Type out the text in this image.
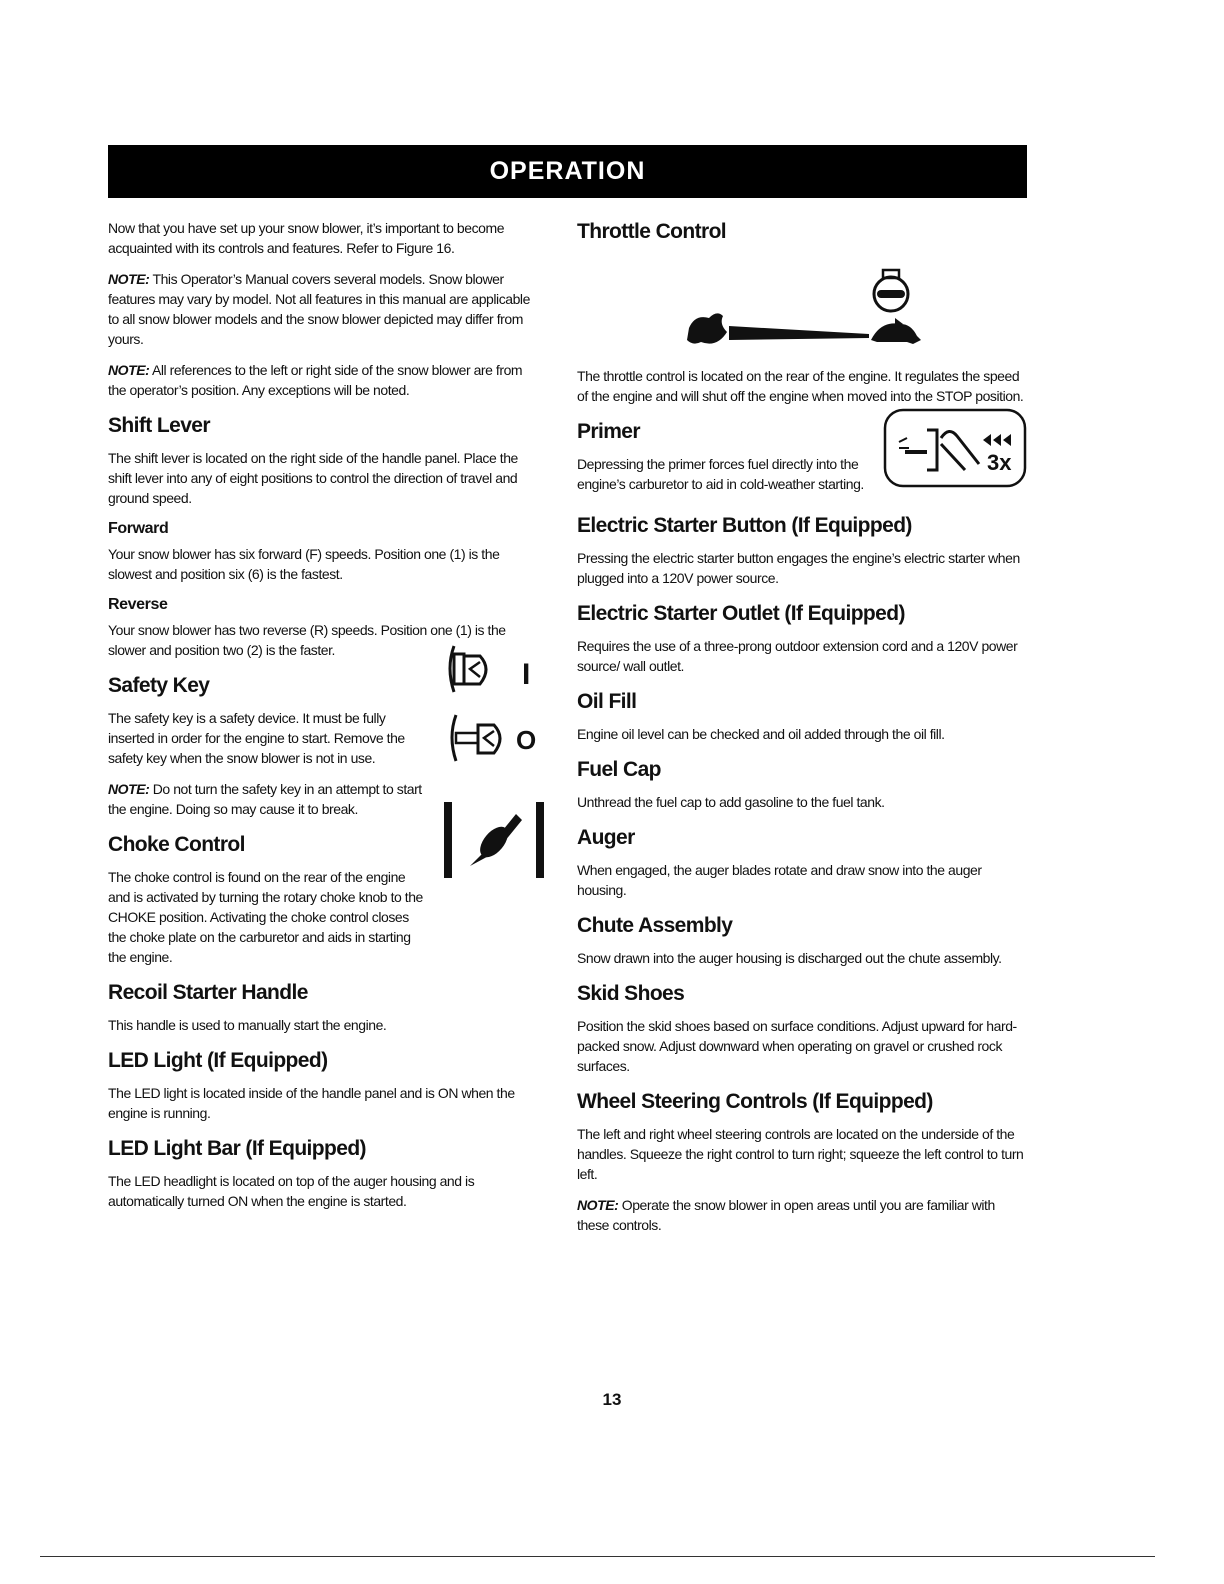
OPERATION

Now that you have set up your snow blower, it’s important to become acquainted with its controls and features. Refer to Figure 16.

NOTE: This Operator’s Manual covers several models. Snow blower features may vary by model. Not all features in this manual are applicable to all snow blower models and the snow blower depicted may differ from yours.

NOTE: All references to the left or right side of the snow blower are from the operator’s position. Any exceptions will be noted.

Shift Lever

The shift lever is located on the right side of the handle panel. Place the shift lever into any of eight positions to control the direction of travel and ground speed.

Forward

Your snow blower has six forward (F) speeds. Position one (1) is the slowest and position six (6) is the fastest.

Reverse

Your snow blower has two reverse (R) speeds. Position one (1) is the slower and position two (2) is the faster.

Safety Key

The safety key is a safety device. It must be fully inserted in order for the engine to start. Remove the safety key when the snow blower is not in use.

NOTE: Do not turn the safety key in an attempt to start the engine. Doing so may cause it to break.

Choke Control

The choke control is found on the rear of the engine and is activated by turning the rotary choke knob to the CHOKE position. Activating the choke control closes the choke plate on the carburetor and aids in starting the engine.

Recoil Starter Handle

This handle is used to manually start the engine.

LED Light (If Equipped)

The LED light is located inside of the handle panel and is ON when the engine is running.

LED Light Bar (If Equipped)

The LED headlight is located on top of the auger housing and is automatically turned ON when the engine is started.

I

O

Throttle Control

The throttle control is located on the rear of the engine. It regulates the speed of the engine and will shut off the engine when moved into the STOP position.

Primer

Depressing the primer forces fuel directly into the engine’s carburetor to aid in cold-weather starting.

3x
Electric Starter Button (If Equipped)

Pressing the electric starter button engages the engine’s electric starter when plugged into a 120V power source.

Electric Starter Outlet (If Equipped)

Requires the use of a three-prong outdoor extension cord and a 120V power source/ wall outlet.

Oil Fill

Engine oil level can be checked and oil added through the oil fill.

Fuel Cap

Unthread the fuel cap to add gasoline to the fuel tank.

Auger

When engaged, the auger blades rotate and draw snow into the auger housing.

Chute Assembly

Snow drawn into the auger housing is discharged out the chute assembly.

Skid Shoes

Position the skid shoes based on surface conditions. Adjust upward for hard-packed snow. Adjust downward when operating on gravel or crushed rock surfaces.

Wheel Steering Controls (If Equipped)

The left and right wheel steering controls are located on the underside of the handles. Squeeze the right control to turn right; squeeze the left control to turn left.

NOTE: Operate the snow blower in open areas until you are familiar with these controls.

13
